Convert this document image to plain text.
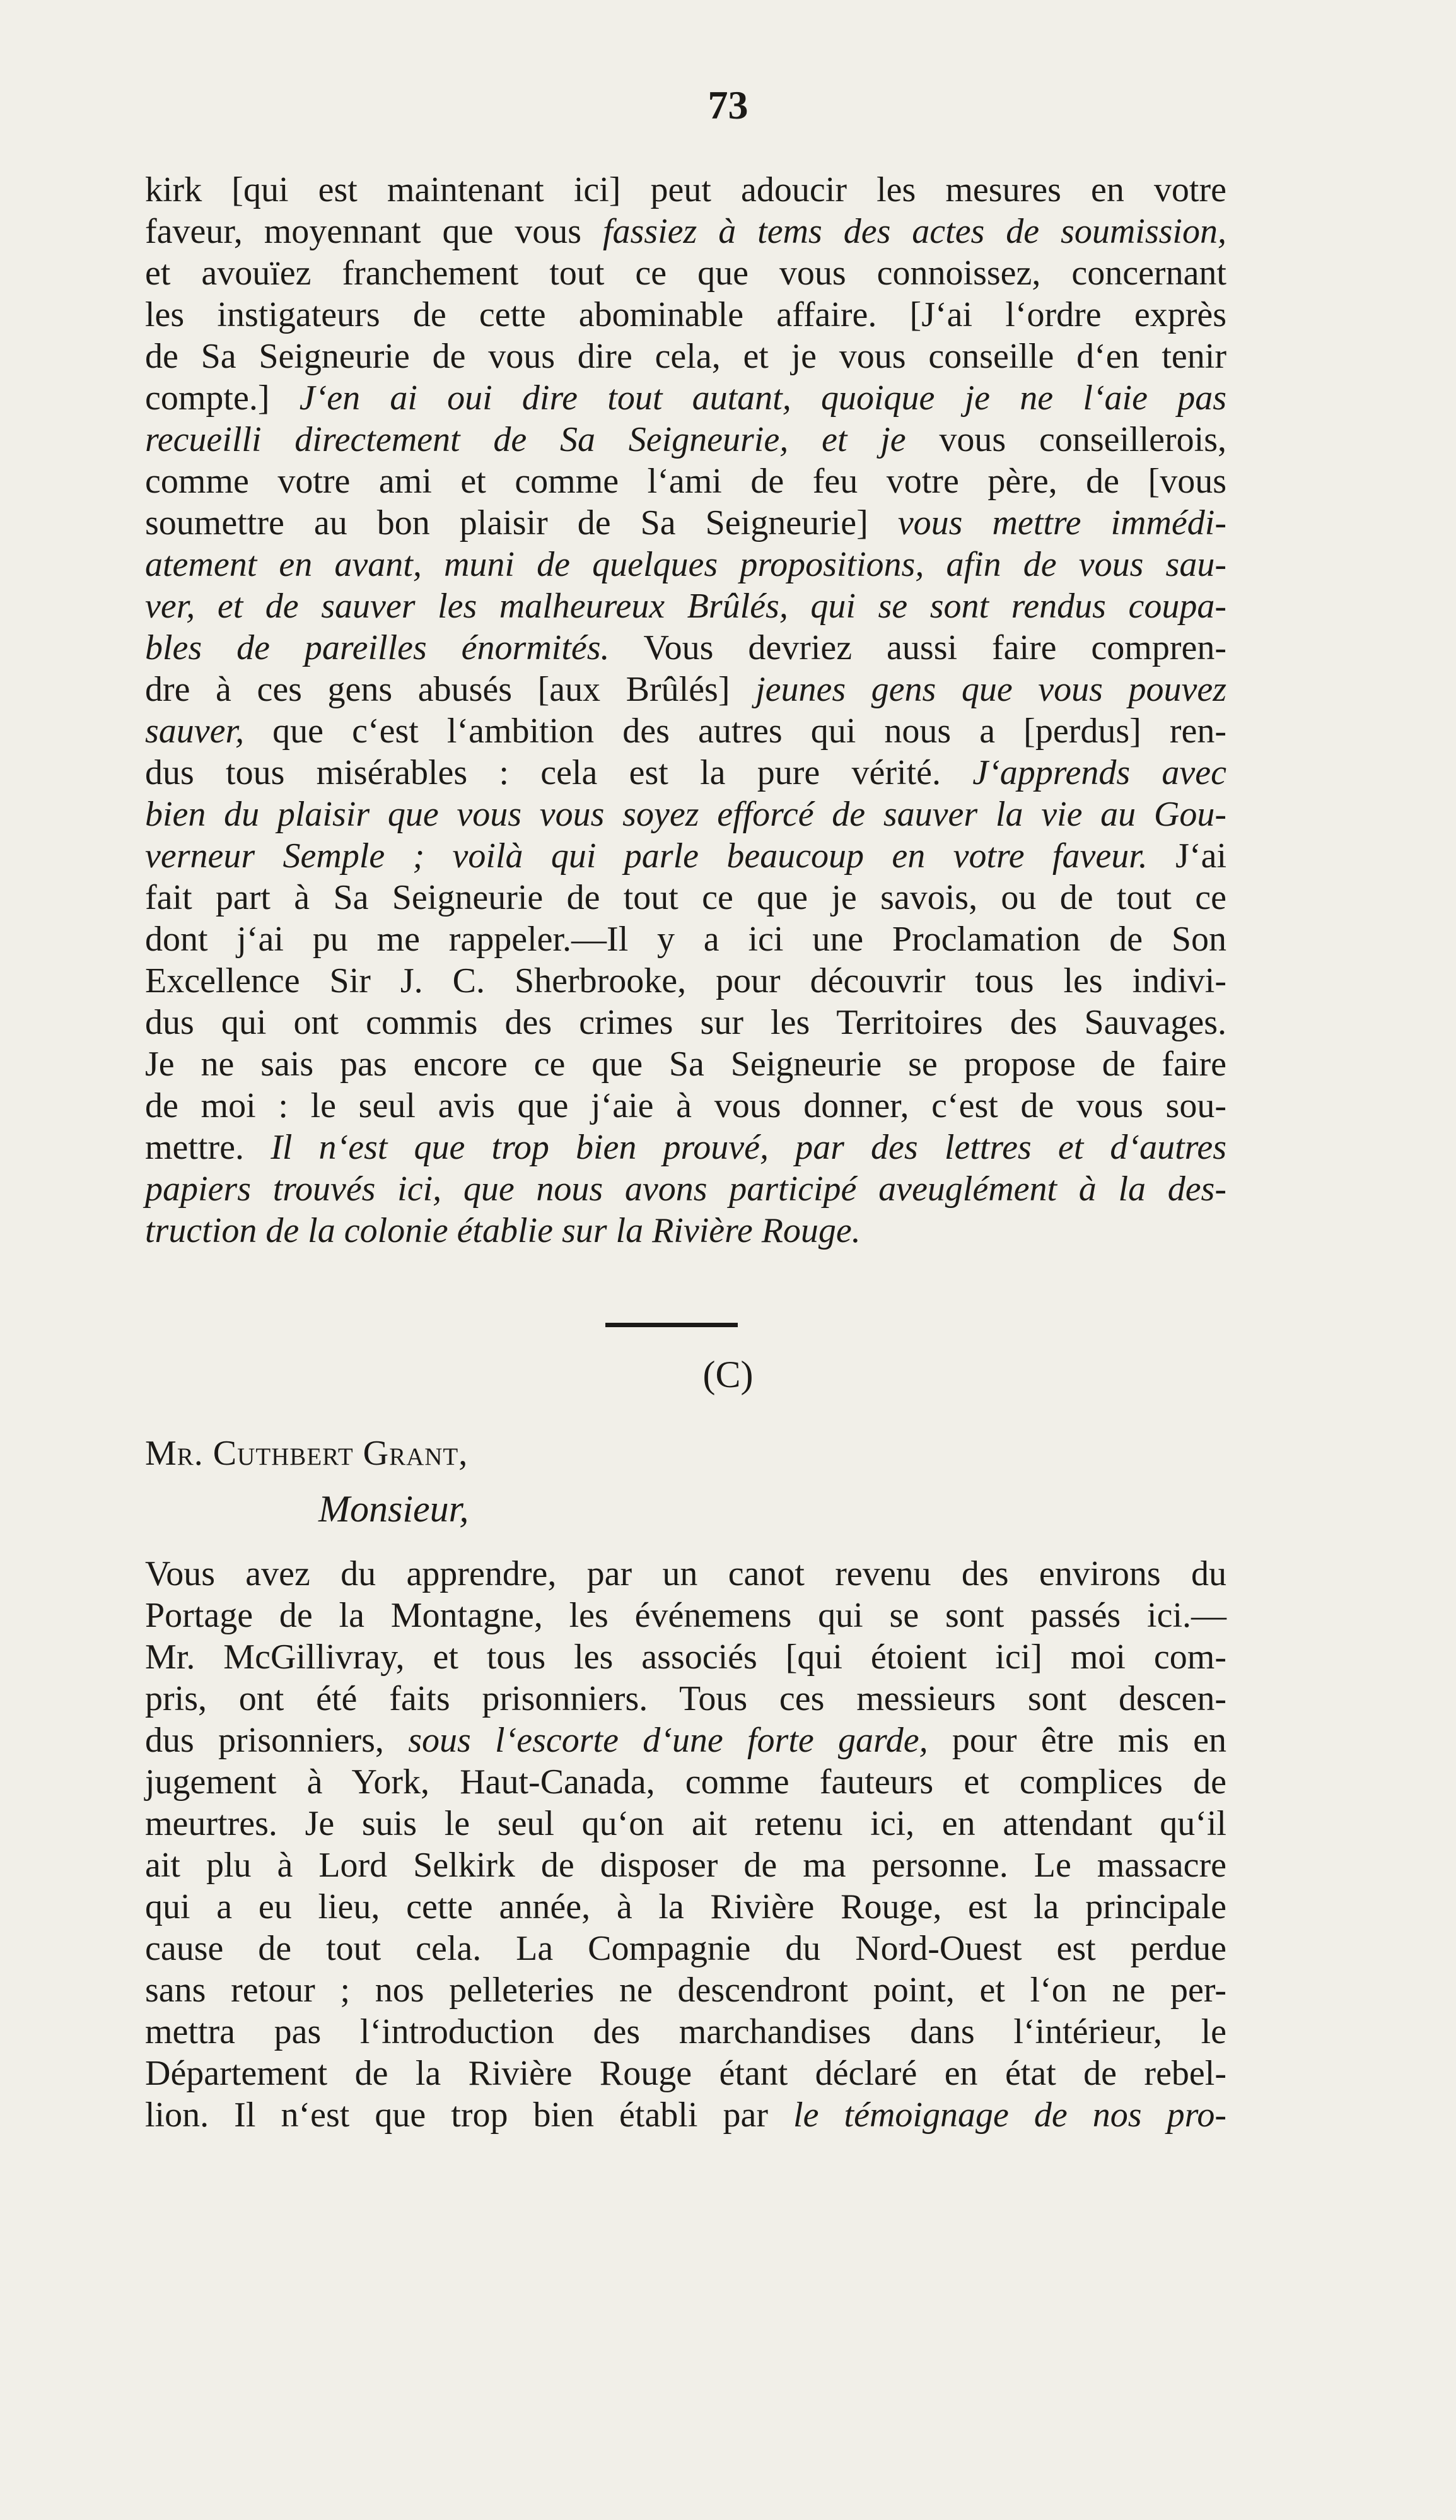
73
kirk [qui est maintenant ici] peut adoucir les mesures en votre
faveur, moyennant que vous fassiez à tems des actes de soumission,
et avouïez franchement tout ce que vous connoissez, concernant
les instigateurs de cette abominable affaire. [J‘ai l‘ordre exprès
de Sa Seigneurie de vous dire cela, et je vous conseille d‘en tenir
compte.] J‘en ai oui dire tout autant, quoique je ne l‘aie pas
recueilli directement de Sa Seigneurie, et je vous conseillerois,
comme votre ami et comme l‘ami de feu votre père, de [vous
soumettre au bon plaisir de Sa Seigneurie] vous mettre immédi-
atement en avant, muni de quelques propositions, afin de vous sau-
ver, et de sauver les malheureux Brûlés, qui se sont rendus coupa-
bles de pareilles énormités. Vous devriez aussi faire compren-
dre à ces gens abusés [aux Brûlés] jeunes gens que vous pouvez
sauver, que c‘est l‘ambition des autres qui nous a [perdus] ren-
dus tous misérables : cela est la pure vérité. J‘apprends avec
bien du plaisir que vous vous soyez efforcé de sauver la vie au Gou-
verneur Semple ; voilà qui parle beaucoup en votre faveur. J‘ai
fait part à Sa Seigneurie de tout ce que je savois, ou de tout ce
dont j‘ai pu me rappeler.—Il y a ici une Proclamation de Son
Excellence Sir J. C. Sherbrooke, pour découvrir tous les indivi-
dus qui ont commis des crimes sur les Territoires des Sauvages.
Je ne sais pas encore ce que Sa Seigneurie se propose de faire
de moi : le seul avis que j‘aie à vous donner, c‘est de vous sou-
mettre. Il n‘est que trop bien prouvé, par des lettres et d‘autres
papiers trouvés ici, que nous avons participé aveuglément à la des-
truction de la colonie établie sur la Rivière Rouge.
(C)
Mr. Cuthbert Grant,
Monsieur,
Vous avez du apprendre, par un canot revenu des environs du
Portage de la Montagne, les événemens qui se sont passés ici.—
Mr. McGillivray, et tous les associés [qui étoient ici] moi com-
pris, ont été faits prisonniers. Tous ces messieurs sont descen-
dus prisonniers, sous l‘escorte d‘une forte garde, pour être mis en
jugement à York, Haut-Canada, comme fauteurs et complices de
meurtres. Je suis le seul qu‘on ait retenu ici, en attendant qu‘il
ait plu à Lord Selkirk de disposer de ma personne. Le massacre
qui a eu lieu, cette année, à la Rivière Rouge, est la principale
cause de tout cela. La Compagnie du Nord-Ouest est perdue
sans retour ; nos pelleteries ne descendront point, et l‘on ne per-
mettra pas l‘introduction des marchandises dans l‘intérieur, le
Département de la Rivière Rouge étant déclaré en état de rebel-
lion. Il n‘est que trop bien établi par le témoignage de nos pro-
